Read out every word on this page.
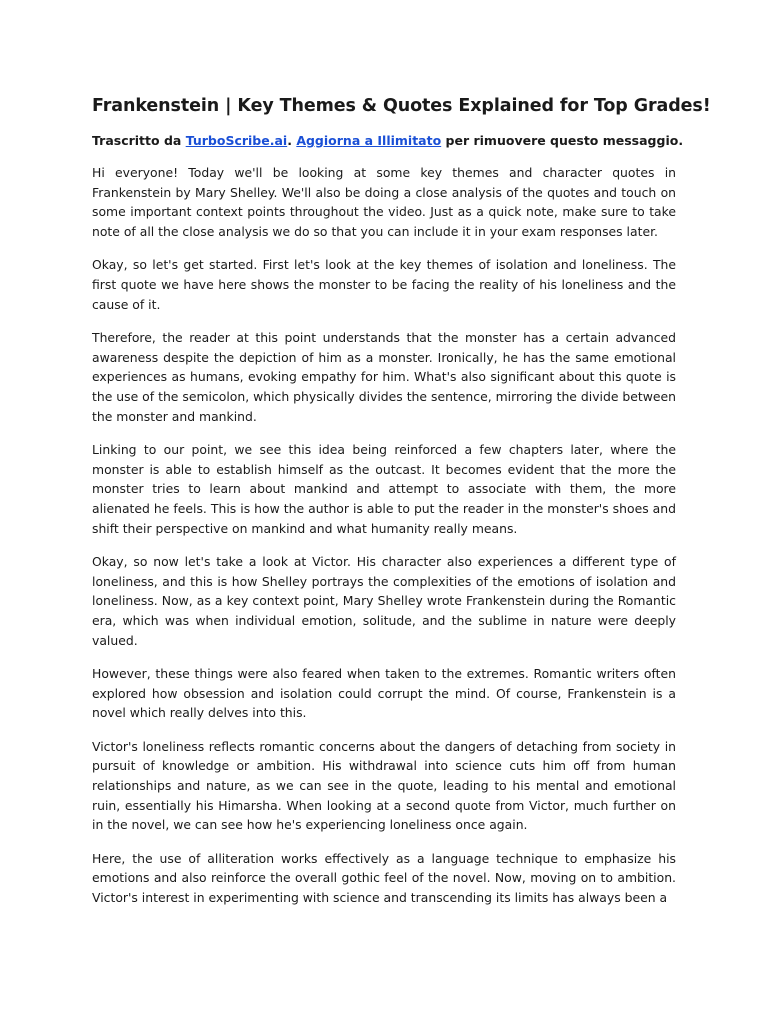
Frankenstein | Key Themes & Quotes Explained for Top Grades!
Trascritto da TurboScribe.ai. Aggiorna a Illimitato per rimuovere questo messaggio.

Hi everyone! Today we'll be looking at some key themes and character quotes in Frankenstein by Mary Shelley. We'll also be doing a close analysis of the quotes and touch on some important context points throughout the video. Just as a quick note, make sure to take note of all the close analysis we do so that you can include it in your exam responses later.

Okay, so let's get started. First let's look at the key themes of isolation and loneliness. The first quote we have here shows the monster to be facing the reality of his loneliness and the cause of it.

Therefore, the reader at this point understands that the monster has a certain advanced awareness despite the depiction of him as a monster. Ironically, he has the same emotional experiences as humans, evoking empathy for him. What's also significant about this quote is the use of the semicolon, which physically divides the sentence, mirroring the divide between the monster and mankind.

Linking to our point, we see this idea being reinforced a few chapters later, where the monster is able to establish himself as the outcast. It becomes evident that the more the monster tries to learn about mankind and attempt to associate with them, the more alienated he feels. This is how the author is able to put the reader in the monster's shoes and shift their perspective on mankind and what humanity really means.

Okay, so now let's take a look at Victor. His character also experiences a different type of loneliness, and this is how Shelley portrays the complexities of the emotions of isolation and loneliness. Now, as a key context point, Mary Shelley wrote Frankenstein during the Romantic era, which was when individual emotion, solitude, and the sublime in nature were deeply valued.

However, these things were also feared when taken to the extremes. Romantic writers often explored how obsession and isolation could corrupt the mind. Of course, Frankenstein is a novel which really delves into this.

Victor's loneliness reflects romantic concerns about the dangers of detaching from society in pursuit of knowledge or ambition. His withdrawal into science cuts him off from human relationships and nature, as we can see in the quote, leading to his mental and emotional ruin, essentially his Himarsha. When looking at a second quote from Victor, much further on in the novel, we can see how he's experiencing loneliness once again.

Here, the use of alliteration works effectively as a language technique to emphasize his emotions and also reinforce the overall gothic feel of the novel. Now, moving on to ambition. Victor's interest in experimenting with science and transcending its limits has always been a
